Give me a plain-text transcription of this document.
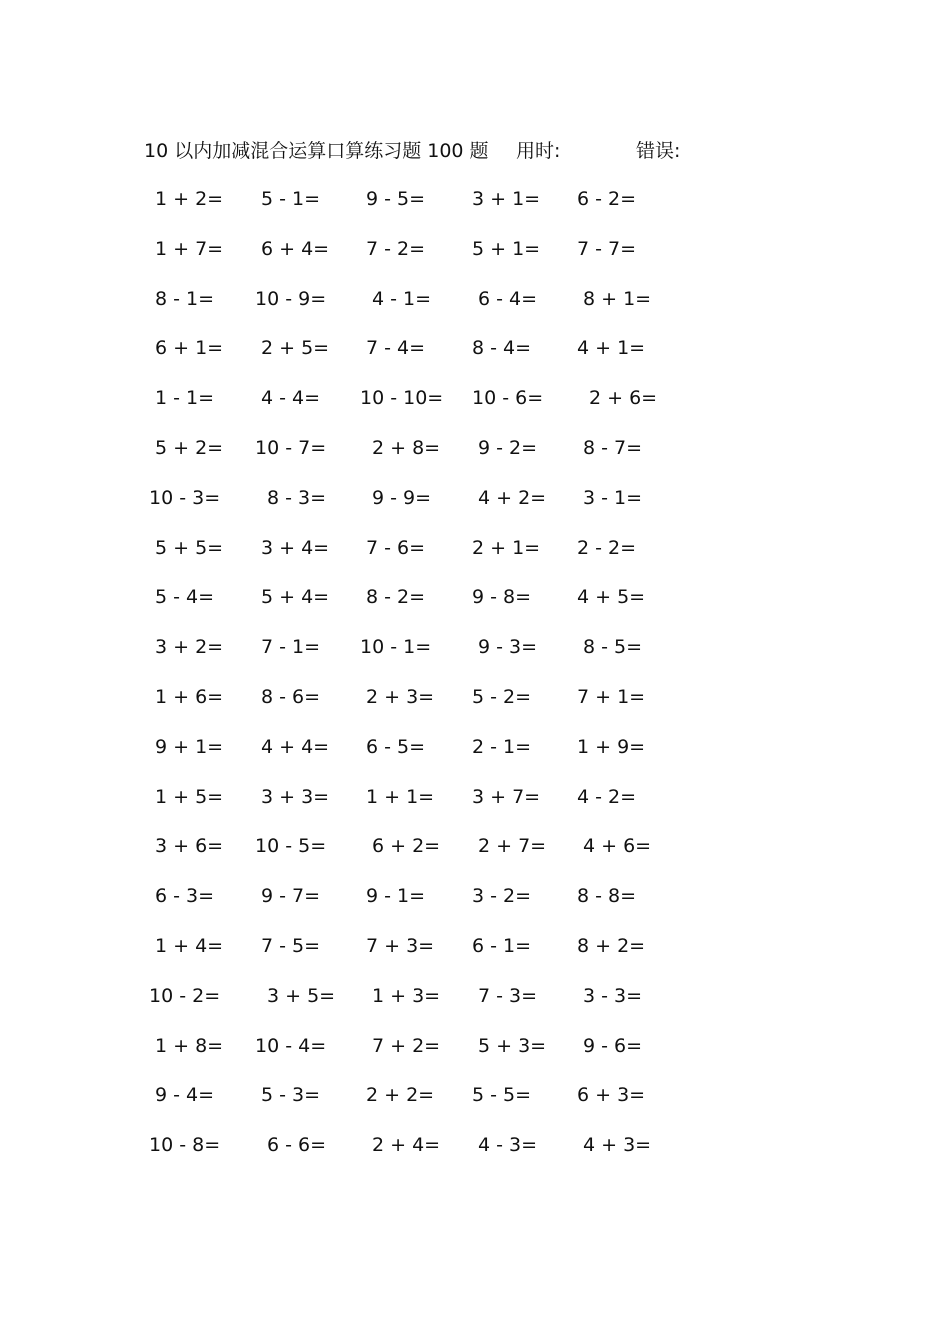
10 以内加减混合运算口算练习题 100 题 用时:	错误:
1 + 2= 5 - 1= 9 - 5= 3 + 1= 6 - 2=
1 + 7= 6 + 4= 7 - 2= 5 + 1= 7 - 7=
8 - 1= 10 - 9= 4 - 1= 6 - 4= 8 + 1=
6 + 1= 2 + 5= 7 - 4= 8 - 4= 4 + 1=
1 - 1= 4 - 4= 10 - 10= 10 - 6= 2 + 6=
5 + 2= 10 - 7= 2 + 8= 9 - 2= 8 - 7=
10 - 3= 8 - 3= 9 - 9= 4 + 2= 3 - 1=
5 + 5= 3 + 4= 7 - 6= 2 + 1= 2 - 2=
5 - 4= 5 + 4= 8 - 2= 9 - 8= 4 + 5=
3 + 2= 7 - 1= 10 - 1= 9 - 3= 8 - 5=
1 + 6= 8 - 6= 2 + 3= 5 - 2= 7 + 1=
9 + 1= 4 + 4= 6 - 5= 2 - 1= 1 + 9=
1 + 5= 3 + 3= 1 + 1= 3 + 7= 4 - 2=
3 + 6= 10 - 5= 6 + 2= 2 + 7= 4 + 6=
6 - 3= 9 - 7= 9 - 1= 3 - 2= 8 - 8=
1 + 4= 7 - 5= 7 + 3= 6 - 1= 8 + 2=
10 - 2= 3 + 5= 1 + 3= 7 - 3= 3 - 3=
1 + 8= 10 - 4= 7 + 2= 5 + 3= 9 - 6=
9 - 4= 5 - 3= 2 + 2= 5 - 5= 6 + 3=
10 - 8= 6 - 6= 2 + 4= 4 - 3= 4 + 3=
